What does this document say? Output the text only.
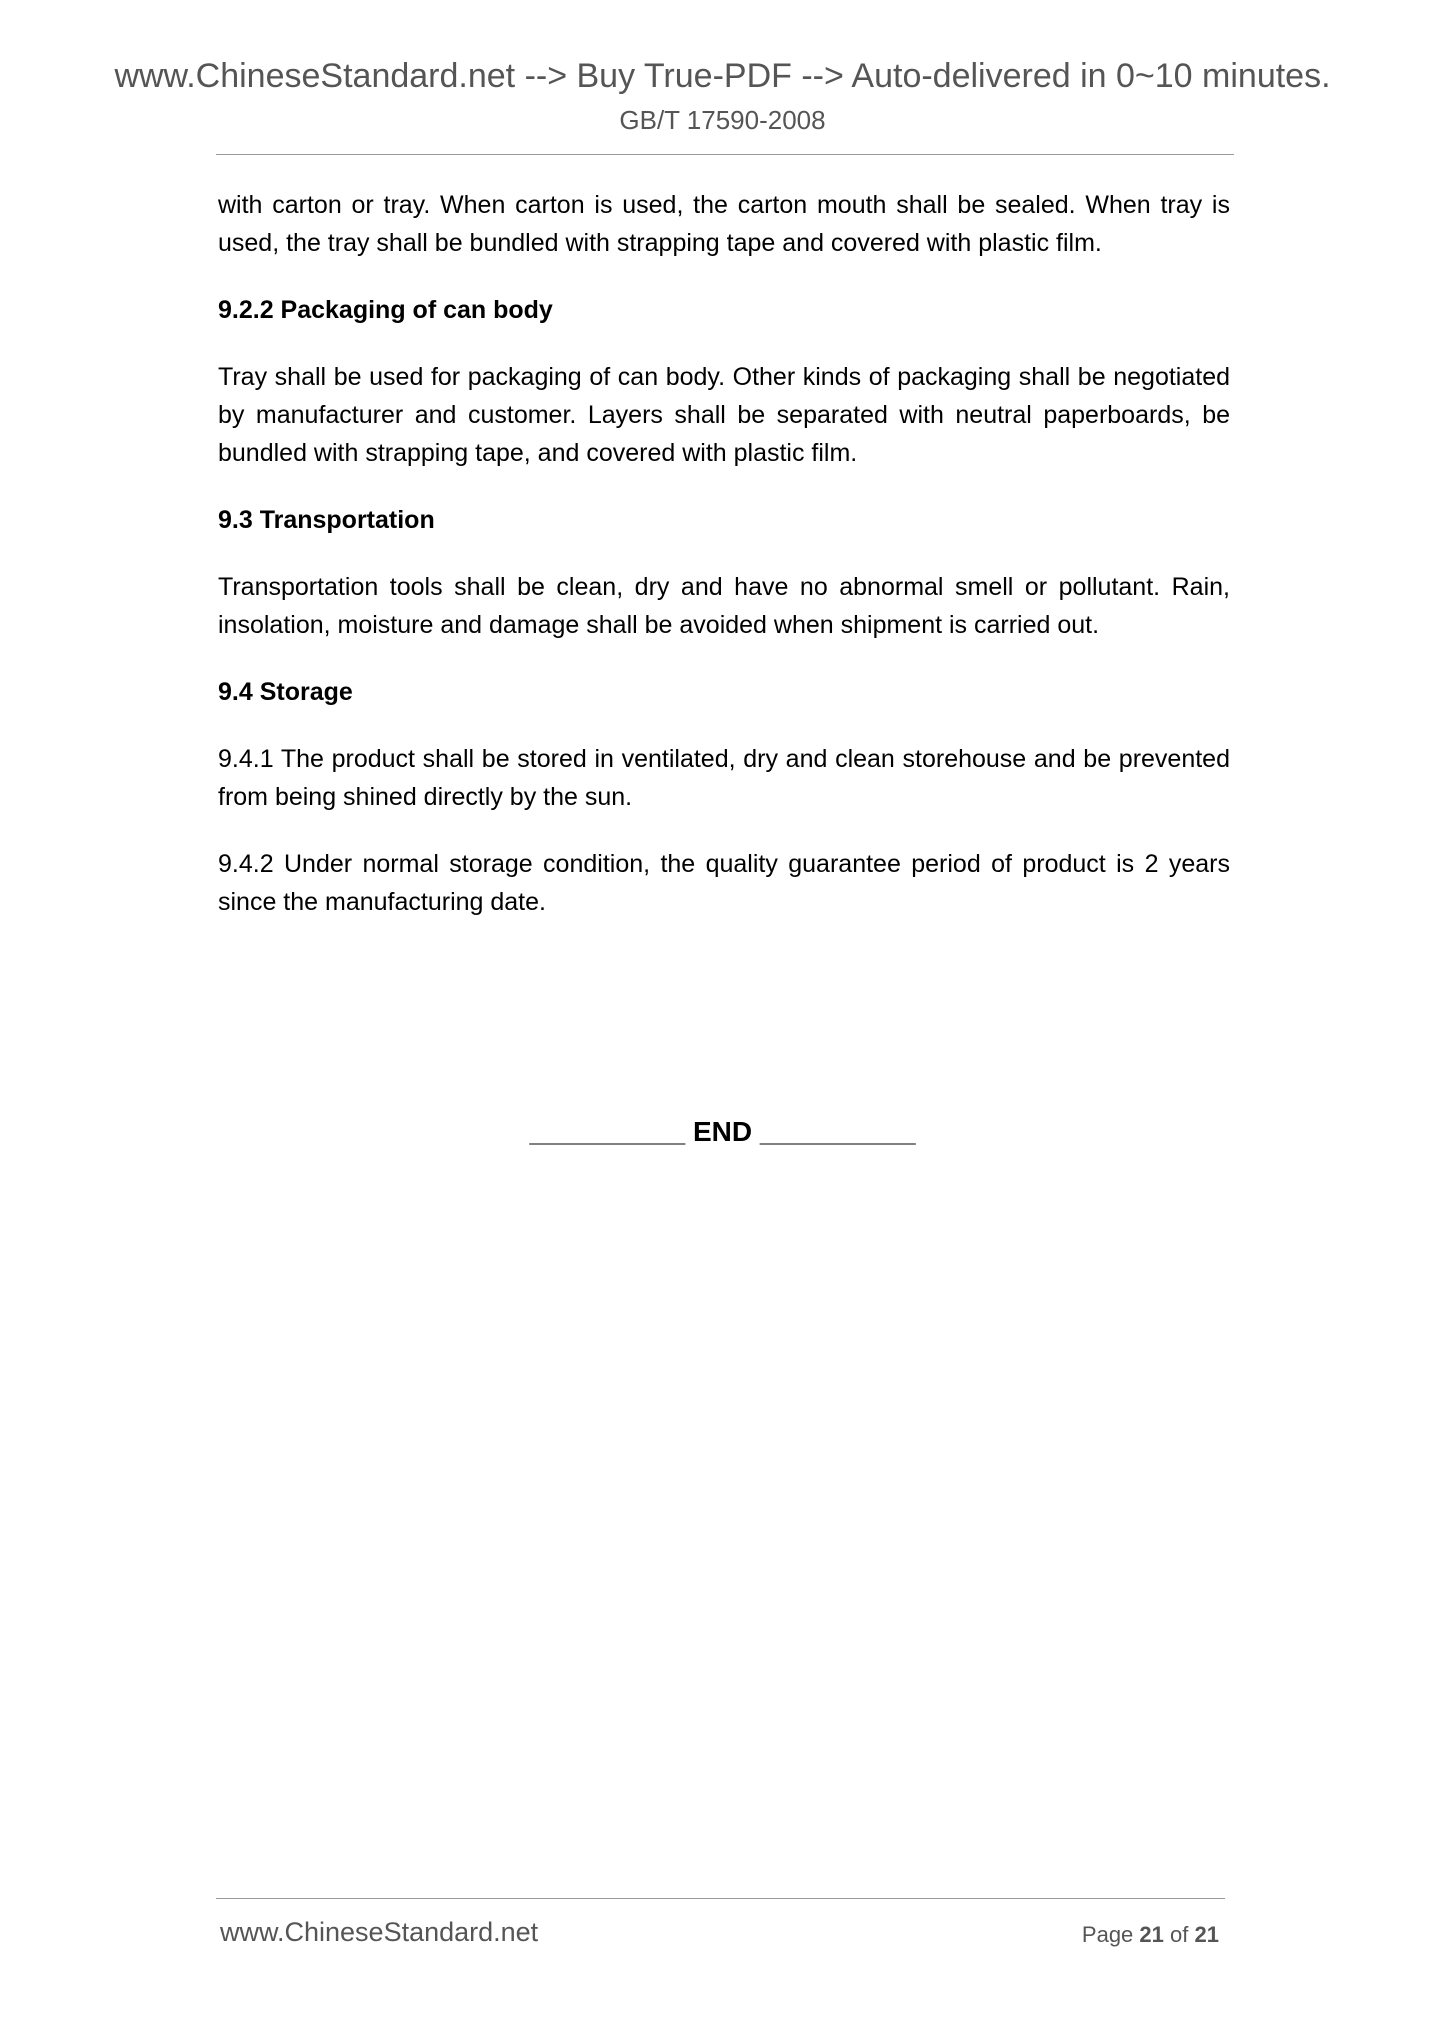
www.ChineseStandard.net --> Buy True-PDF --> Auto-delivered in 0~10 minutes.
GB/T 17590-2008

with carton or tray. When carton is used, the carton mouth shall be sealed. When tray is used, the tray shall be bundled with strapping tape and covered with plastic film.

9.2.2 Packaging of can body

Tray shall be used for packaging of can body. Other kinds of packaging shall be negotiated by manufacturer and customer. Layers shall be separated with neutral paperboards, be bundled with strapping tape, and covered with plastic film.

9.3 Transportation

Transportation tools shall be clean, dry and have no abnormal smell or pollutant. Rain, insolation, moisture and damage shall be avoided when shipment is carried out.

9.4 Storage

9.4.1 The product shall be stored in ventilated, dry and clean storehouse and be prevented from being shined directly by the sun.

9.4.2 Under normal storage condition, the quality guarantee period of product is 2 years since the manufacturing date.

__________ END __________
www.ChineseStandard.net	Page 21 of 21
